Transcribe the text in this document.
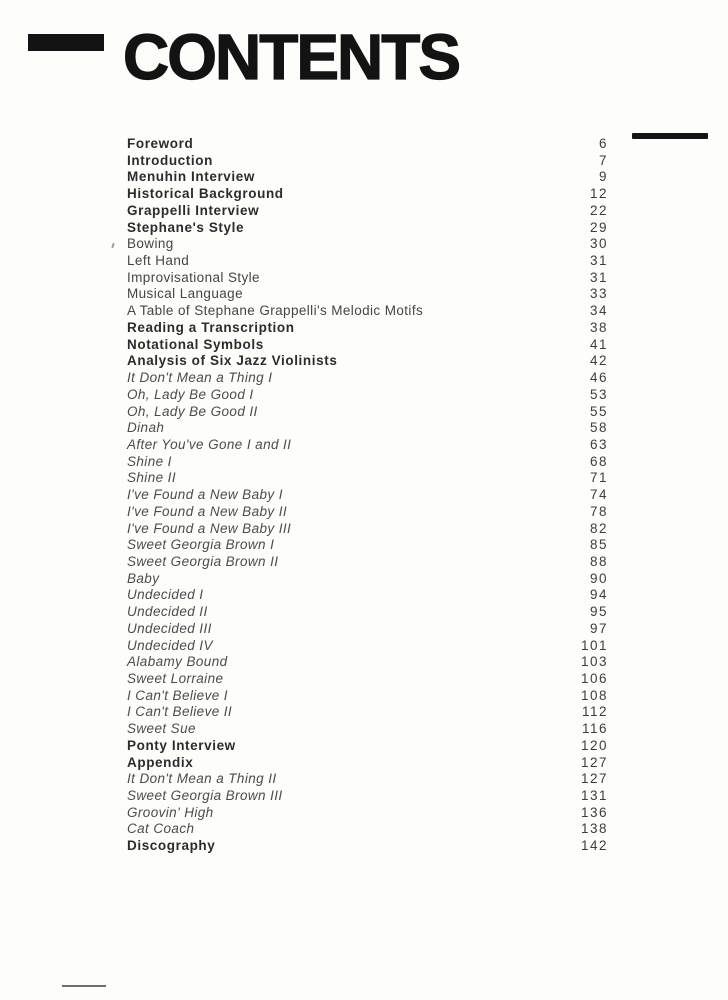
CONTENTS
Foreword	6
Introduction	7
Menuhin Interview	9
Historical Background	12
Grappelli Interview	22
Stephane's Style	29
Bowing	30
Left Hand	31
Improvisational Style	31
Musical Language	33
A Table of Stephane Grappelli's Melodic Motifs	34
Reading a Transcription	38
Notational Symbols	41
Analysis of Six Jazz Violinists	42
It Don't Mean a Thing I	46
Oh, Lady Be Good I	53
Oh, Lady Be Good II	55
Dinah	58
After You've Gone I and II	63
Shine I	68
Shine II	71
I've Found a New Baby I	74
I've Found a New Baby II	78
I've Found a New Baby III	82
Sweet Georgia Brown I	85
Sweet Georgia Brown II	88
Baby	90
Undecided I	94
Undecided II	95
Undecided III	97
Undecided IV	101
Alabamy Bound	103
Sweet Lorraine	106
I Can't Believe I	108
I Can't Believe II	112
Sweet Sue	116
Ponty Interview	120
Appendix	127
It Don't Mean a Thing II	127
Sweet Georgia Brown III	131
Groovin' High	136
Cat Coach	138
Discography	142
